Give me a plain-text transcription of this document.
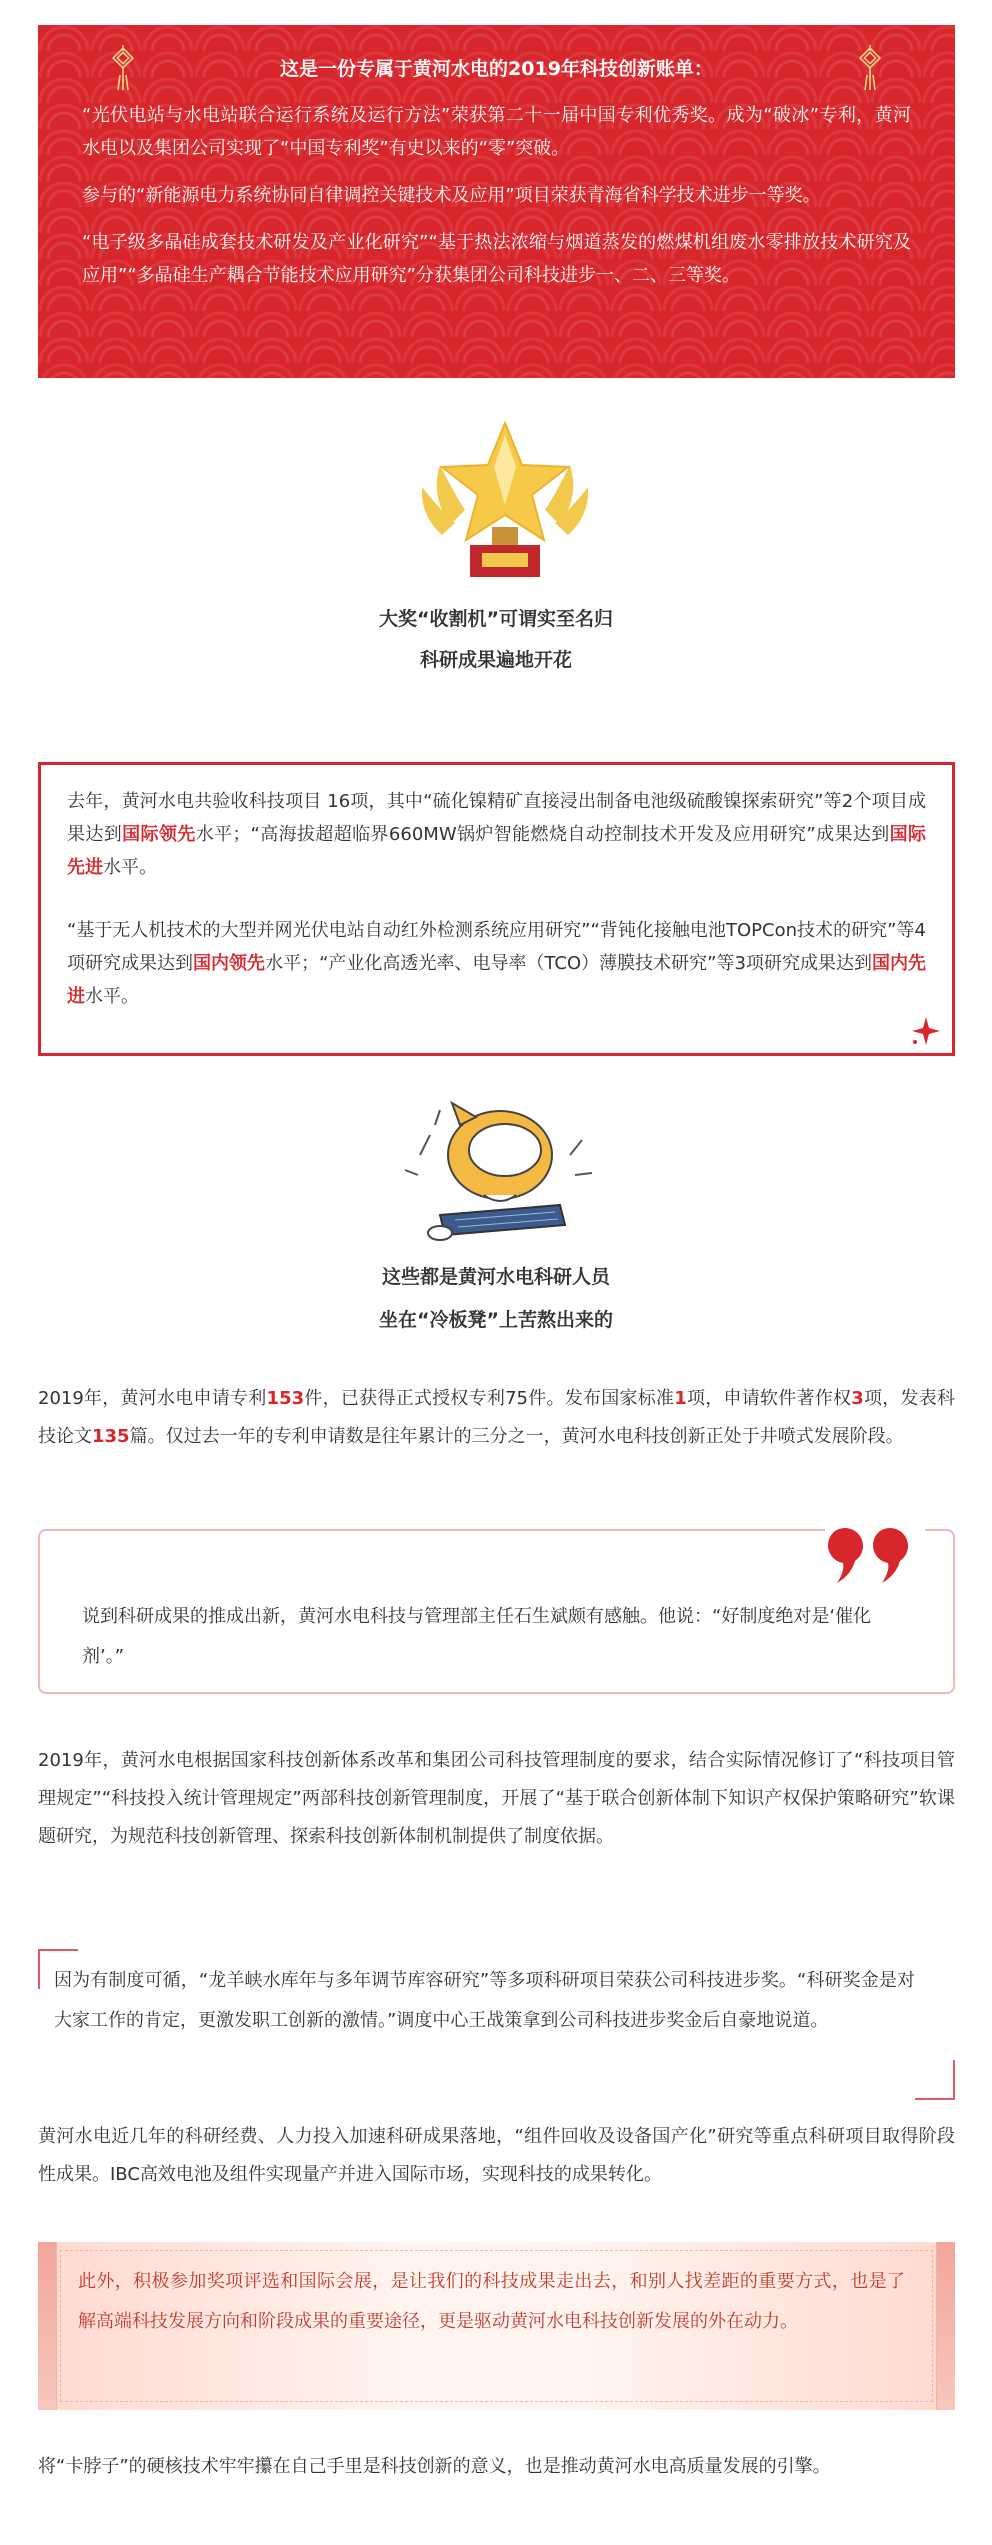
这是一份专属于黄河水电的2019年科技创新账单：

“光伏电站与水电站联合运行系统及运行方法”荣获第二十一届中国专利优秀奖。成为“破冰”专利，黄河水电以及集团公司实现了“中国专利奖”有史以来的“零”突破。

参与的“新能源电力系统协同自律调控关键技术及应用”项目荣获青海省科学技术进步一等奖。

“电子级多晶硅成套技术研发及产业化研究”“基于热法浓缩与烟道蒸发的燃煤机组废水零排放技术研究及应用”“多晶硅生产耦合节能技术应用研究”分获集团公司科技进步一、二、三等奖。

大奖“收割机”可谓实至名归
科研成果遍地开花

去年，黄河水电共验收科技项目 16项，其中“硫化镍精矿直接浸出制备电池级硫酸镍探索研究”等2个项目成果达到国际领先水平；“高海拔超超临界660MW锅炉智能燃烧自动控制技术开发及应用研究”成果达到国际先进水平。

“基于无人机技术的大型并网光伏电站自动红外检测系统应用研究”“背钝化接触电池TOPCon技术的研究”等4项研究成果达到国内领先水平；“产业化高透光率、电导率（TCO）薄膜技术研究”等3项研究成果达到国内先进水平。

这些都是黄河水电科研人员
坐在“冷板凳”上苦熬出来的

2019年，黄河水电申请专利153件，已获得正式授权专利75件。发布国家标准1项，申请软件著作权3项，发表科技论文135篇。仅过去一年的专利申请数是往年累计的三分之一，黄河水电科技创新正处于井喷式发展阶段。

说到科研成果的推成出新，黄河水电科技与管理部主任石生斌颇有感触。他说：“好制度绝对是‘催化剂’。”

2019年，黄河水电根据国家科技创新体系改革和集团公司科技管理制度的要求，结合实际情况修订了“科技项目管理规定”“科技投入统计管理规定”两部科技创新管理制度，开展了“基于联合创新体制下知识产权保护策略研究”软课题研究，为规范科技创新管理、探索科技创新体制机制提供了制度依据。

因为有制度可循，“龙羊峡水库年与多年调节库容研究”等多项科研项目荣获公司科技进步奖。“科研奖金是对大家工作的肯定，更激发职工创新的激情。”调度中心王战策拿到公司科技进步奖金后自豪地说道。

黄河水电近几年的科研经费、人力投入加速科研成果落地，“组件回收及设备国产化”研究等重点科研项目取得阶段性成果。IBC高效电池及组件实现量产并进入国际市场，实现科技的成果转化。

此外，积极参加奖项评选和国际会展，是让我们的科技成果走出去，和别人找差距的重要方式，也是了解高端科技发展方向和阶段成果的重要途径，更是驱动黄河水电科技创新发展的外在动力。

将“卡脖子”的硬核技术牢牢攥在自己手里是科技创新的意义，也是推动黄河水电高质量发展的引擎。
